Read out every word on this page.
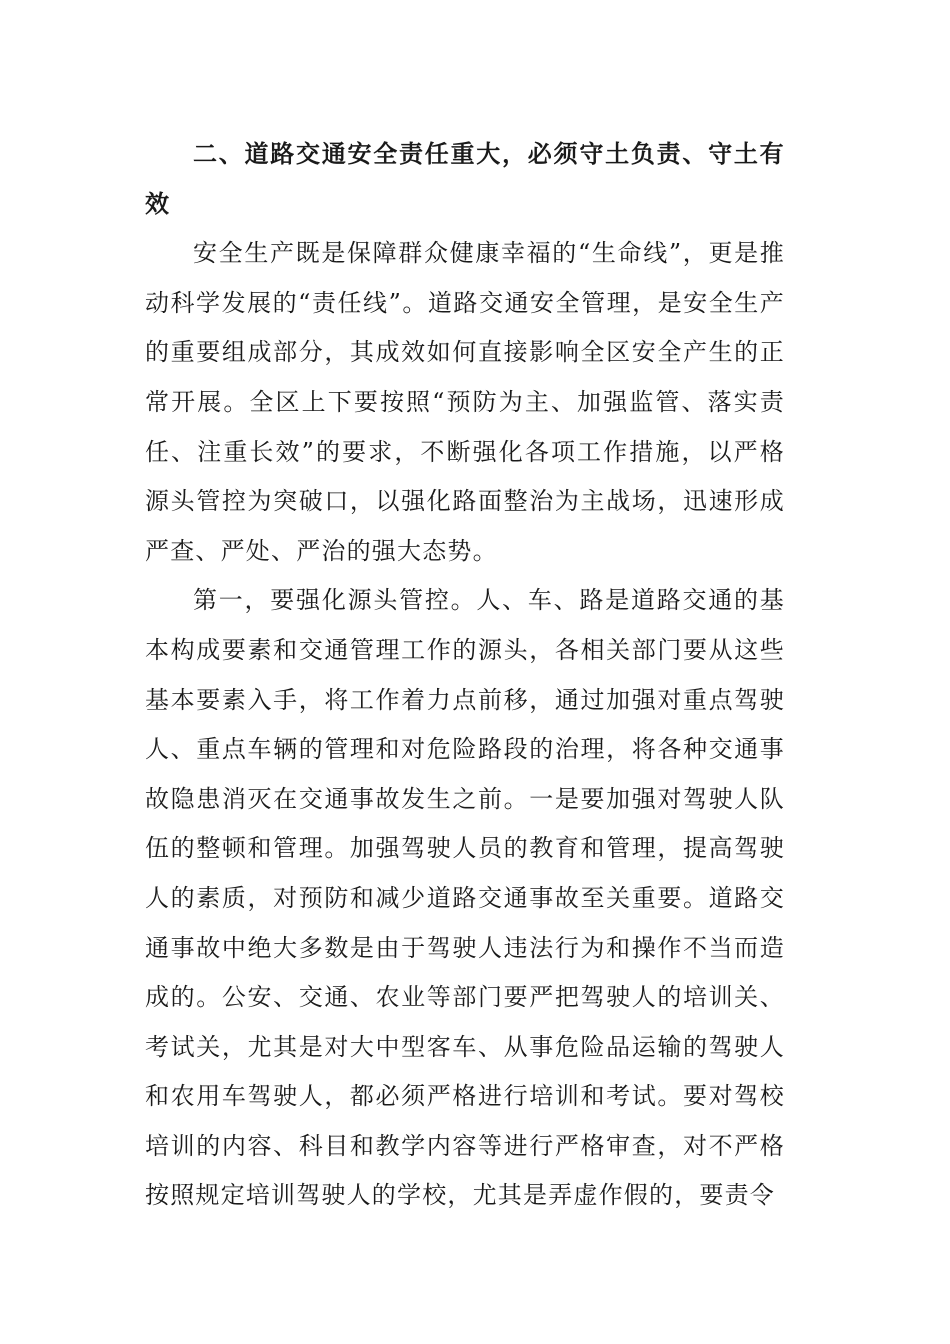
二、道路交通安全责任重大，必须守土负责、守土有效

安全生产既是保障群众健康幸福的“生命线”，更是推动科学发展的“责任线”。道路交通安全管理，是安全生产的重要组成部分，其成效如何直接影响全区安全产生的正常开展。全区上下要按照“预防为主、加强监管、落实责任、注重长效”的要求，不断强化各项工作措施，以严格源头管控为突破口，以强化路面整治为主战场，迅速形成严查、严处、严治的强大态势。

第一，要强化源头管控。人、车、路是道路交通的基本构成要素和交通管理工作的源头，各相关部门要从这些基本要素入手，将工作着力点前移，通过加强对重点驾驶人、重点车辆的管理和对危险路段的治理，将各种交通事故隐患消灭在交通事故发生之前。一是要加强对驾驶人队伍的整顿和管理。加强驾驶人员的教育和管理，提高驾驶人的素质，对预防和减少道路交通事故至关重要。道路交通事故中绝大多数是由于驾驶人违法行为和操作不当而造成的。公安、交通、农业等部门要严把驾驶人的培训关、考试关，尤其是对大中型客车、从事危险品运输的驾驶人和农用车驾驶人，都必须严格进行培训和考试。要对驾校培训的内容、科目和教学内容等进行严格审查，对不严格按照规定培训驾驶人的学校，尤其是弄虚作假的，要责令
